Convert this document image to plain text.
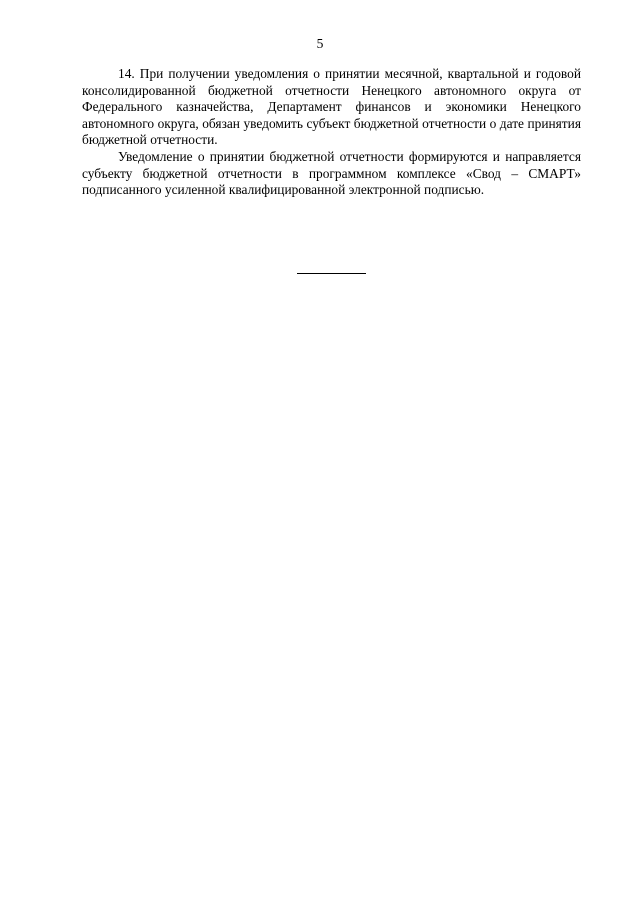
5

14. При получении уведомления о принятии месячной, квартальной и годовой консолидированной бюджетной отчетности Ненецкого автономного округа от Федерального казначейства, Департамент финансов и экономики Ненецкого автономного округа, обязан уведомить субъект бюджетной отчетности о дате принятия бюджетной отчетности.

Уведомление о принятии бюджетной отчетности формируются и направляется субъекту бюджетной отчетности в программном комплексе «Свод – СМАРТ» подписанного усиленной квалифицированной электронной подписью.
